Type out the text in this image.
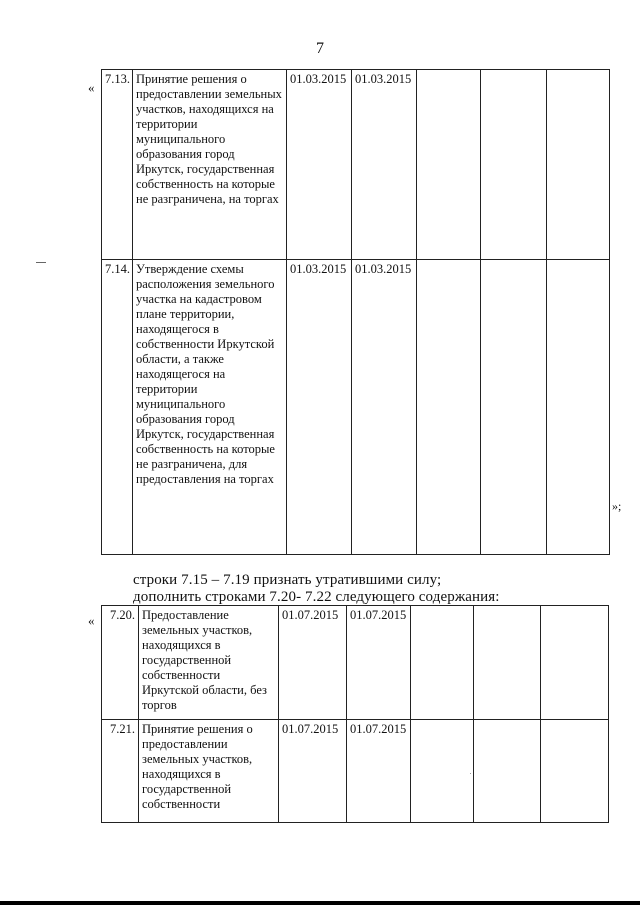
7
«
7.13.	Принятие решения о предоставлении земельных участков, находящихся на территории муниципального образования город Иркутск, государственная собственность на которые не разграничена, на торгах	01.03.2015	01.03.2015			
7.14.	Утверждение схемы расположения земельного участка на кадастровом плане территории, находящегося в собственности Иркутской области, а также находящегося на территории муниципального образования город Иркутск, государственная собственность на которые не разграничена, для предоставления на торгах	01.03.2015	01.03.2015			
»;
строки 7.15 – 7.19 признать утратившими силу;
дополнить строками 7.20- 7.22 следующего содержания:
« 7.20.	Предоставление земельных участков, находящихся в государственной собственности Иркутской области, без торгов	01.07.2015	01.07.2015			
7.21.	Принятие решения о предоставлении земельных участков, находящихся в государственной собственности	01.07.2015	01.07.2015			
